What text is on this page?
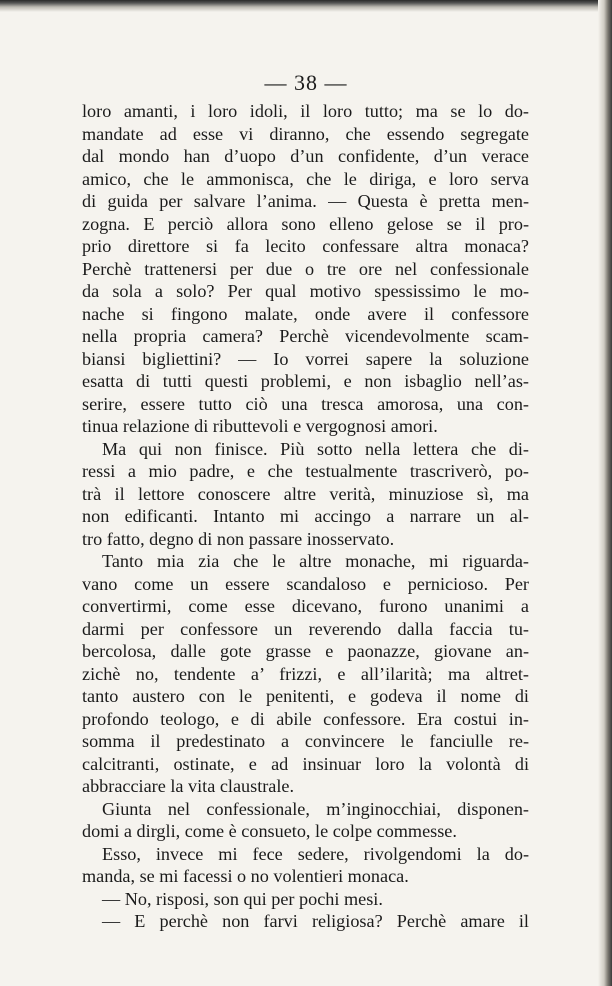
— 38 —
loro amanti, i loro idoli, il loro tutto; ma se lo do-
mandate ad esse vi diranno, che essendo segregate
dal mondo han d’uopo d’un confidente, d’un verace
amico, che le ammonisca, che le diriga, e loro serva
di guida per salvare l’anima. — Questa è pretta men-
zogna. E perciò allora sono elleno gelose se il pro-
prio direttore si fa lecito confessare altra monaca?
Perchè trattenersi per due o tre ore nel confessionale
da sola a solo? Per qual motivo spessissimo le mo-
nache si fingono malate, onde avere il confessore
nella propria camera? Perchè vicendevolmente scam-
biansi bigliettini? — Io vorrei sapere la soluzione
esatta di tutti questi problemi, e non isbaglio nell’as-
serire, essere tutto ciò una tresca amorosa, una con-
tinua relazione di ributtevoli e vergognosi amori.
Ma qui non finisce. Più sotto nella lettera che di-
ressi a mio padre, e che testualmente trascriverò, po-
trà il lettore conoscere altre verità, minuziose sì, ma
non edificanti. Intanto mi accingo a narrare un al-
tro fatto, degno di non passare inosservato.
Tanto mia zia che le altre monache, mi riguarda-
vano come un essere scandaloso e pernicioso. Per
convertirmi, come esse dicevano, furono unanimi a
darmi per confessore un reverendo dalla faccia tu-
bercolosa, dalle gote grasse e paonazze, giovane an-
zichè no, tendente a’ frizzi, e all’ilarità; ma altret-
tanto austero con le penitenti, e godeva il nome di
profondo teologo, e di abile confessore. Era costui in-
somma il predestinato a convincere le fanciulle re-
calcitranti, ostinate, e ad insinuar loro la volontà di
abbracciare la vita claustrale.
Giunta nel confessionale, m’inginocchiai, disponen-
domi a dirgli, come è consueto, le colpe commesse.
Esso, invece mi fece sedere, rivolgendomi la do-
manda, se mi facessi o no volentieri monaca.
— No, risposi, son qui per pochi mesi.
— E perchè non farvi religiosa? Perchè amare il
